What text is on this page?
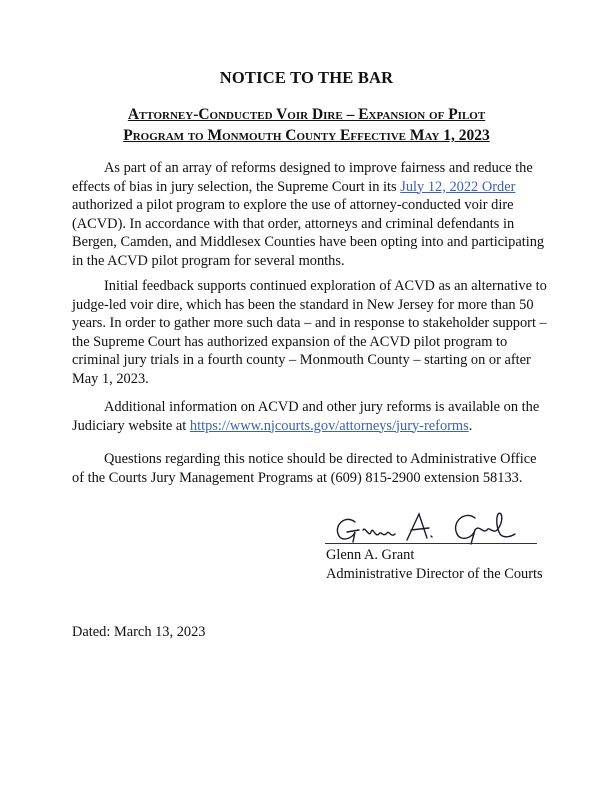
NOTICE TO THE BAR
Attorney-Conducted Voir Dire – Expansion of Pilot
Program to Monmouth County Effective May 1, 2023

As part of an array of reforms designed to improve fairness and reduce the effects of bias in jury selection, the Supreme Court in its July 12, 2022 Order authorized a pilot program to explore the use of attorney-conducted voir dire (ACVD). In accordance with that order, attorneys and criminal defendants in Bergen, Camden, and Middlesex Counties have been opting into and participating in the ACVD pilot program for several months.

Initial feedback supports continued exploration of ACVD as an alternative to judge-led voir dire, which has been the standard in New Jersey for more than 50 years. In order to gather more such data – and in response to stakeholder support – the Supreme Court has authorized expansion of the ACVD pilot program to criminal jury trials in a fourth county – Monmouth County – starting on or after May 1, 2023.

Additional information on ACVD and other jury reforms is available on the Judiciary website at https://www.njcourts.gov/attorneys/jury-reforms.

Questions regarding this notice should be directed to Administrative Office of the Courts Jury Management Programs at (609) 815-2900 extension 58133.

Glenn A. Grant
Administrative Director of the Courts
Dated: March 13, 2023
